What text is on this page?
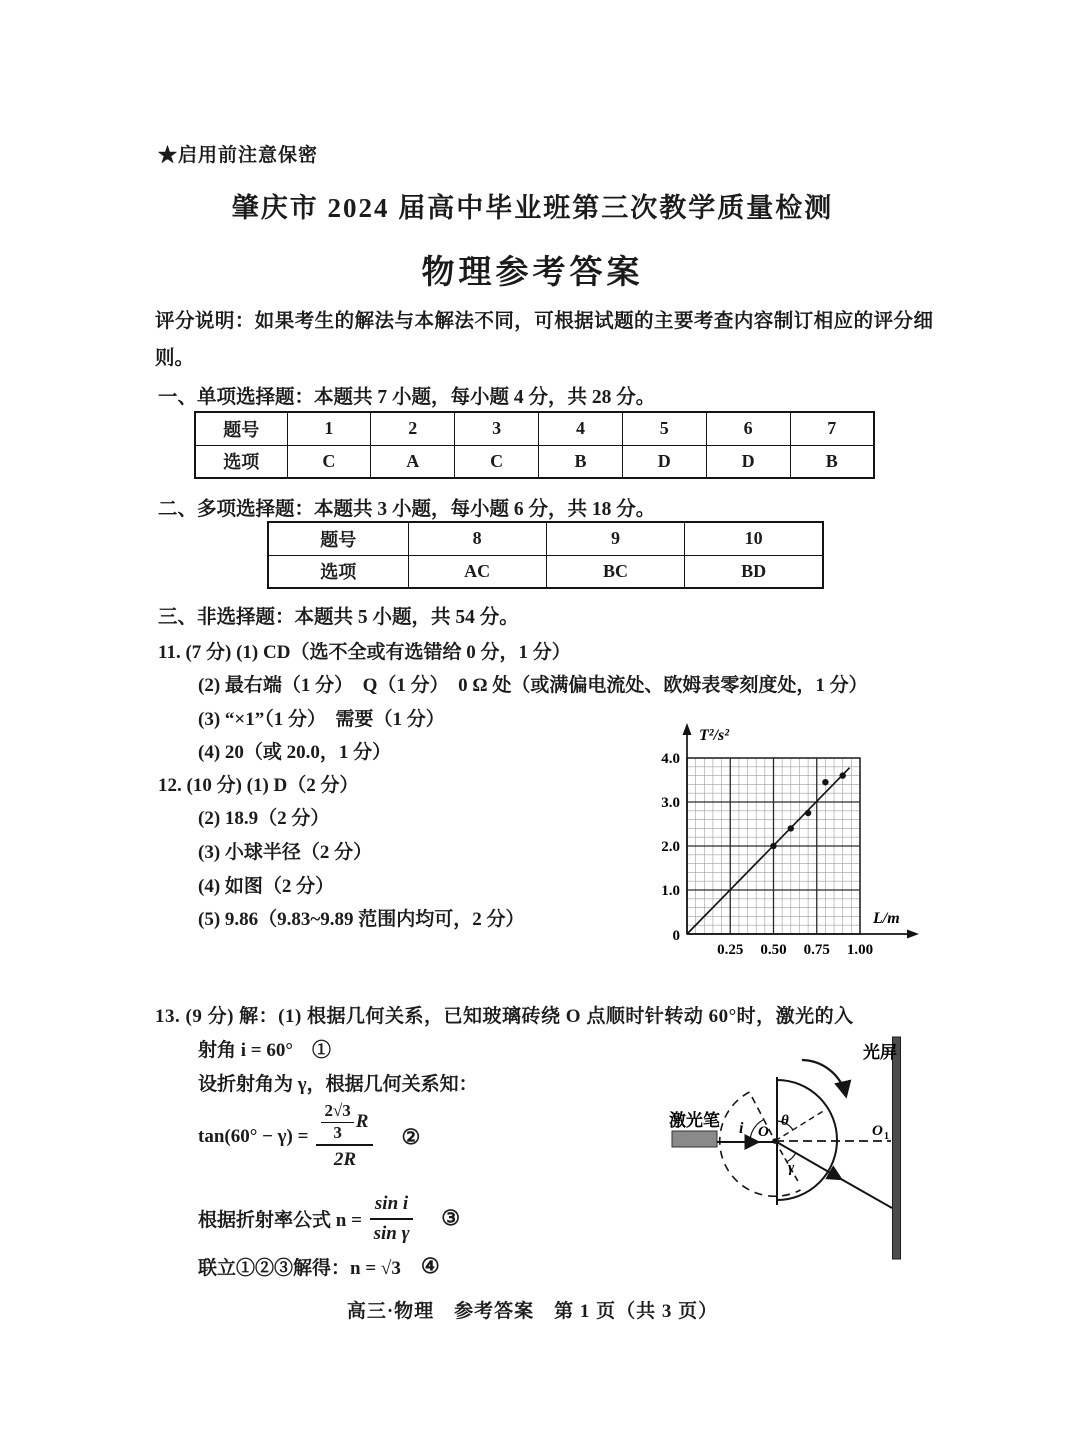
★启用前注意保密
肇庆市 2024 届高中毕业班第三次教学质量检测
物理参考答案
评分说明：如果考生的解法与本解法不同，可根据试题的主要考查内容制订相应的评分细则。
一、单项选择题：本题共 7 小题，每小题 4 分，共 28 分。
题号	1	2	3	4	5	6	7
选项	C	A	C	B	D	D	B
二、多项选择题：本题共 3 小题，每小题 6 分，共 18 分。
题号	8	9	10
选项	AC	BC	BD
三、非选择题：本题共 5 小题，共 54 分。
11. (7 分) (1) CD（选不全或有选错给 0 分，1 分）
(2) 最右端（1 分）　Q（1 分）　0 Ω 处（或满偏电流处、欧姆表零刻度处，1 分）
(3) “×1”（1 分）　需要（1 分）
(4) 20（或 20.0，1 分）
12. (10 分) (1) D（2 分）
(2) 18.9（2 分）
(3) 小球半径（2 分）
(4) 如图（2 分）
(5) 9.86（9.83~9.89 范围内均可，2 分）
T²/s²
L/m
0.25 0.50 0.75 1.00
0
1.0
2.0
3.0
4.0
13. (9 分) 解：(1) 根据几何关系，已知玻璃砖绕 O 点顺时针转动 60°时，激光的入
射角 i = 60°　①
设折射角为 γ，根据几何关系知：
$\tan(60^\circ - \gamma) = \frac{\frac{2√3}{3} R}{2R}$ ②
根据折射率公式 $n = \frac{\text{sin i}}{\text{sin γ}}$ ③
联立①②③解得：n = √3 ④
光屏
激光笔 i	θ
γ
O	O 1
高三·物理　参考答案　第 1 页（共 3 页）
